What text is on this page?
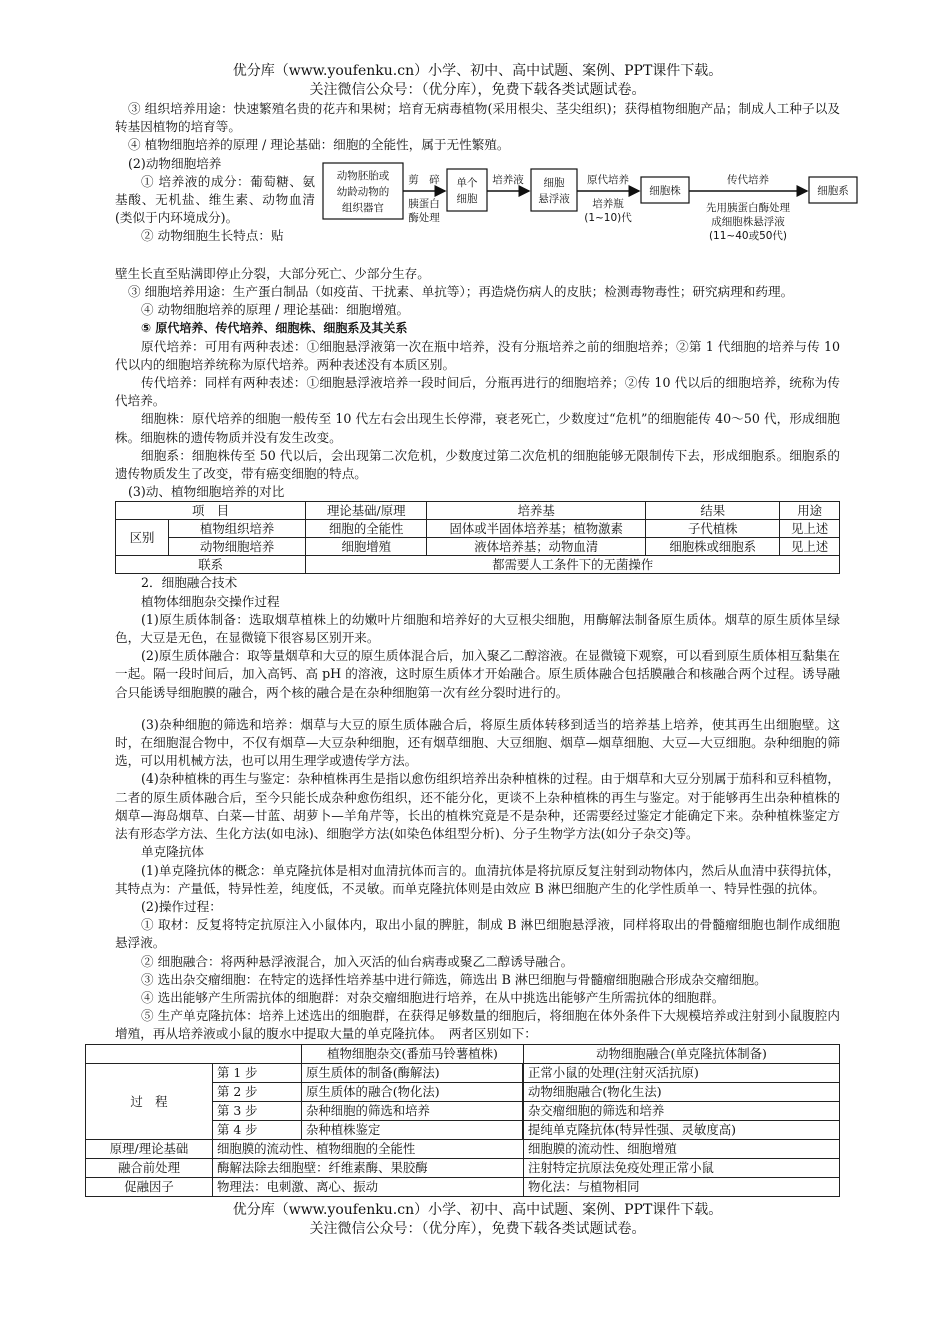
优分库（www.youfenku.cn）小学、初中、高中试题、案例、PPT课件下载。
关注微信公众号：（优分库），免费下载各类试题试卷。

③ 组织培养用途：快速繁殖名贵的花卉和果树；培育无病毒植物(采用根尖、茎尖组织)；获得植物细胞产品；制成人工种子以及转基因植物的培育等。

④ 植物细胞培养的原理 / 理论基础：细胞的全能性，属于无性繁殖。

(2)动物细胞培养

① 培养液的成分：葡萄糖、氨基酸、无机盐、维生素、动物血清(类似于内环境成分)。

② 动物细胞生长特点：贴

动物胚胎或
幼龄动物的
组织器官
剪　碎
胰蛋白
酶处理
单个
细胞
培养液 细胞
悬浮液
原代培养
培养瓶
(1~10)代
细胞株
传代培养
先用胰蛋白酶处理
成细胞株悬浮液
(11~40或50代)
细胞系

壁生长直至贴满即停止分裂，大部分死亡、少部分生存。

③ 细胞培养用途：生产蛋白制品（如疫苗、干扰素、单抗等）；再造烧伤病人的皮肤；检测毒物毒性；研究病理和药理。

④ 动物细胞培养的原理 / 理论基础：细胞增殖。

⑤ 原代培养、传代培养、细胞株、细胞系及其关系

原代培养：可用有两种表述：①细胞悬浮液第一次在瓶中培养，没有分瓶培养之前的细胞培养；②第 1 代细胞的培养与传 10 代以内的细胞培养统称为原代培养。两种表述没有本质区别。

传代培养：同样有两种表述：①细胞悬浮液培养一段时间后，分瓶再进行的细胞培养；②传 10 代以后的细胞培养，统称为传代培养。

细胞株：原代培养的细胞一般传至 10 代左右会出现生长停滞，衰老死亡，少数度过“危机”的细胞能传 40～50 代，形成细胞株。细胞株的遗传物质并没有发生改变。

细胞系：细胞株传至 50 代以后，会出现第二次危机，少数度过第二次危机的细胞能够无限制传下去，形成细胞系。细胞系的遗传物质发生了改变，带有癌变细胞的特点。

(3)动、植物细胞培养的对比

项　目		理论基础/原理	培养基	结果	用途
区别	植物组织培养	细胞的全能性	固体或半固体培养基；植物激素	子代植株	见上述
	动物细胞培养	细胞增殖	液体培养基；动物血清	细胞株或细胞系	见上述
联系		都需要人工条件下的无菌操作			

2．细胞融合技术

植物体细胞杂交操作过程

(1)原生质体制备：选取烟草植株上的幼嫩叶片细胞和培养好的大豆根尖细胞，用酶解法制备原生质体。烟草的原生质体呈绿色，大豆是无色，在显微镜下很容易区别开来。

(2)原生质体融合：取等量烟草和大豆的原生质体混合后，加入聚乙二醇溶液。在显微镜下观察，可以看到原生质体相互黏集在一起。隔一段时间后，加入高钙、高 pH 的溶液，这时原生质体才开始融合。原生质体融合包括膜融合和核融合两个过程。诱导融合只能诱导细胞膜的融合，两个核的融合是在杂种细胞第一次有丝分裂时进行的。

(3)杂种细胞的筛选和培养：烟草与大豆的原生质体融合后，将原生质体转移到适当的培养基上培养，使其再生出细胞壁。这时，在细胞混合物中，不仅有烟草—大豆杂种细胞，还有烟草细胞、大豆细胞、烟草—烟草细胞、大豆—大豆细胞。杂种细胞的筛选，可以用机械方法，也可以用生理学或遗传学方法。

(4)杂种植株的再生与鉴定：杂种植株再生是指以愈伤组织培养出杂种植株的过程。由于烟草和大豆分别属于茄科和豆科植物，二者的原生质体融合后，至今只能长成杂种愈伤组织，还不能分化，更谈不上杂种植株的再生与鉴定。对于能够再生出杂种植株的烟草—海岛烟草、白菜—甘蓝、胡萝卜—羊角芹等，长出的植株究竟是不是杂种，还需要经过鉴定才能确定下来。杂种植株鉴定方法有形态学方法、生化方法(如电泳)、细胞学方法(如染色体组型分析)、分子生物学方法(如分子杂交)等。

单克隆抗体

(1)单克隆抗体的概念：单克隆抗体是相对血清抗体而言的。血清抗体是将抗原反复注射到动物体内，然后从血清中获得抗体，其特点为：产量低，特异性差，纯度低，不灵敏。而单克隆抗体则是由效应 B 淋巴细胞产生的化学性质单一、特异性强的抗体。

(2)操作过程：

① 取材：反复将特定抗原注入小鼠体内，取出小鼠的脾脏，制成 B 淋巴细胞悬浮液，同样将取出的骨髓瘤细胞也制作成细胞悬浮液。

② 细胞融合：将两种悬浮液混合，加入灭活的仙台病毒或聚乙二醇诱导融合。

③ 选出杂交瘤细胞：在特定的选择性培养基中进行筛选，筛选出 B 淋巴细胞与骨髓瘤细胞融合形成杂交瘤细胞。

④ 选出能够产生所需抗体的细胞群：对杂交瘤细胞进行培养，在从中挑选出能够产生所需抗体的细胞群。

⑤ 生产单克隆抗体：培养上述选出的细胞群，在获得足够数量的细胞后，将细胞在体外条件下大规模培养或注射到小鼠腹腔内增殖，再从培养液或小鼠的腹水中提取大量的单克隆抗体。　两者区别如下：

		植物细胞杂交(番茄马铃薯植株)	动物细胞融合(单克隆抗体制备)
过　程	第 1 步	原生质体的制备(酶解法)		正常小鼠的处理(注射灭活抗原)
	第 2 步	原生质体的融合(物化法)		动物细胞融合(物化生法)
	第 3 步	杂种细胞的筛选和培养		杂交瘤细胞的筛选和培养
	第 4 步	杂种植株鉴定		提纯单克隆抗体(特异性强、灵敏度高)
原理/理论基础	细胞膜的流动性、植物细胞的全能性		细胞膜的流动性、细胞增殖
融合前处理	酶解法除去细胞壁：纤维素酶、果胶酶		注射特定抗原法免疫处理正常小鼠
促融因子	物理法：电刺激、离心、振动		物化法：与植物相同
优分库（www.youfenku.cn）小学、初中、高中试题、案例、PPT课件下载。
关注微信公众号：（优分库），免费下载各类试题试卷。
